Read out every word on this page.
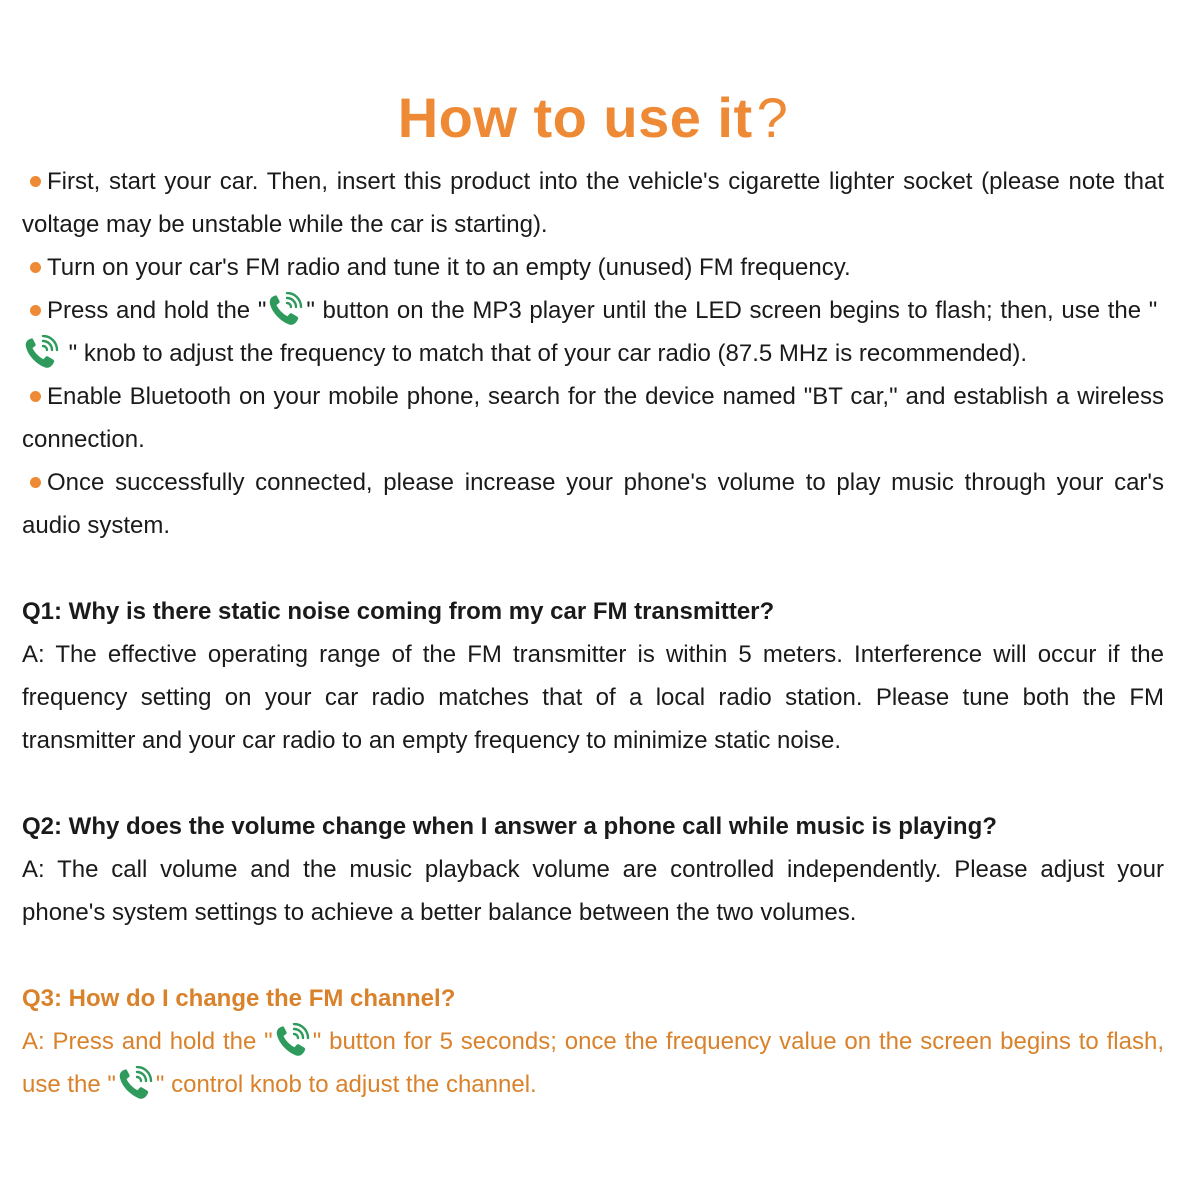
How to use it?

First, start your car. Then, insert this product into the vehicle's cigarette lighter socket (please note that voltage may be unstable while the car is starting).

Turn on your car's FM radio and tune it to an empty (unused) FM frequency.

Press and hold the " " button on the MP3 player until the LED screen begins to flash; then, use the "
" knob to adjust the frequency to match that of your car radio (87.5 MHz is recommended).

Enable Bluetooth on your mobile phone, search for the device named "BT car," and establish a wireless connection.

Once successfully connected, please increase your phone's volume to play music through your car's audio system.

Q1: Why is there static noise coming from my car FM transmitter?

A: The effective operating range of the FM transmitter is within 5 meters. Interference will occur if the frequency setting on your car radio matches that of a local radio station. Please tune both the FM transmitter and your car radio to an empty frequency to minimize static noise.

Q2: Why does the volume change when I answer a phone call while music is playing?

A: The call volume and the music playback volume are controlled independently. Please adjust your phone's system settings to achieve a better balance between the two volumes.

Q3: How do I change the FM channel?

A: Press and hold the " " button for 5 seconds; once the frequency value on the screen begins to flash, use the " " control knob to adjust the channel.
